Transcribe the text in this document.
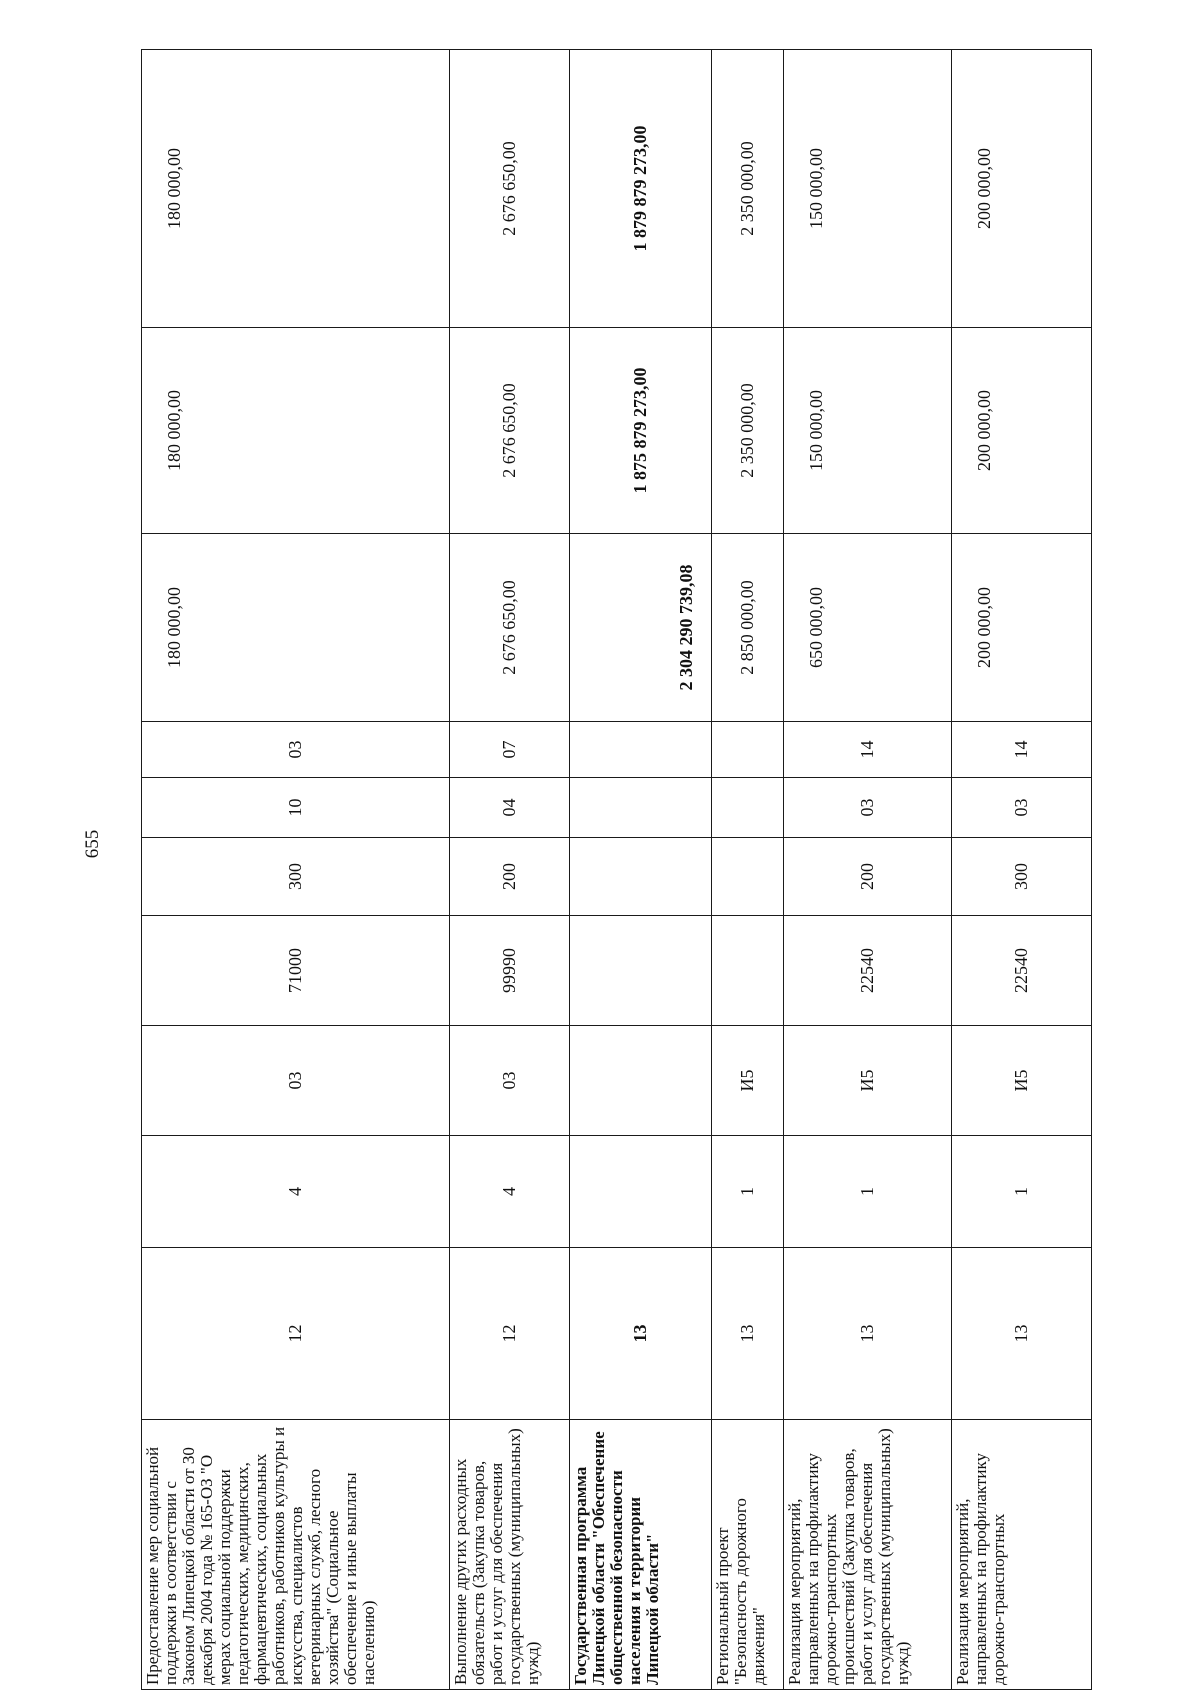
655
Предоставление мер социальной поддержки в соответствии с Законом Липецкой области от 30 декабря 2004 года № 165-ОЗ "О мерах социальной поддержки педагогических, медицинских, фармацевтических, социальных работников, работников культуры и искусства, специалистов ветеринарных служб, лесного хозяйства" (Социальное обеспечение и иные выплаты населению)	12	4	03	71000	300	10	03	180 000,00	180 000,00	180 000,00
Выполнение других расходных обязательств (Закупка товаров, работ и услуг для обеспечения государственных (муниципальных) нужд)	12	4	03	99990	200	04	07	2 676 650,00	2 676 650,00	2 676 650,00
Государственная программа Липецкой области "Обеспечение общественной безопасности населения и территории Липецкой области"	13							2 304 290 739,08	1 875 879 273,00	1 879 879 273,00
Региональный проект "Безопасность дорожного движения"	13	1	И5					2 850 000,00	2 350 000,00	2 350 000,00
Реализация мероприятий, направленных на профилактику дорожно-транспортных происшествий (Закупка товаров, работ и услуг для обеспечения государственных (муниципальных) нужд)	13	1	И5	22540	200	03	14	650 000,00	150 000,00	150 000,00
Реализация мероприятий, направленных на профилактику дорожно-транспортных	13	1	И5	22540	300	03	14	200 000,00	200 000,00	200 000,00
